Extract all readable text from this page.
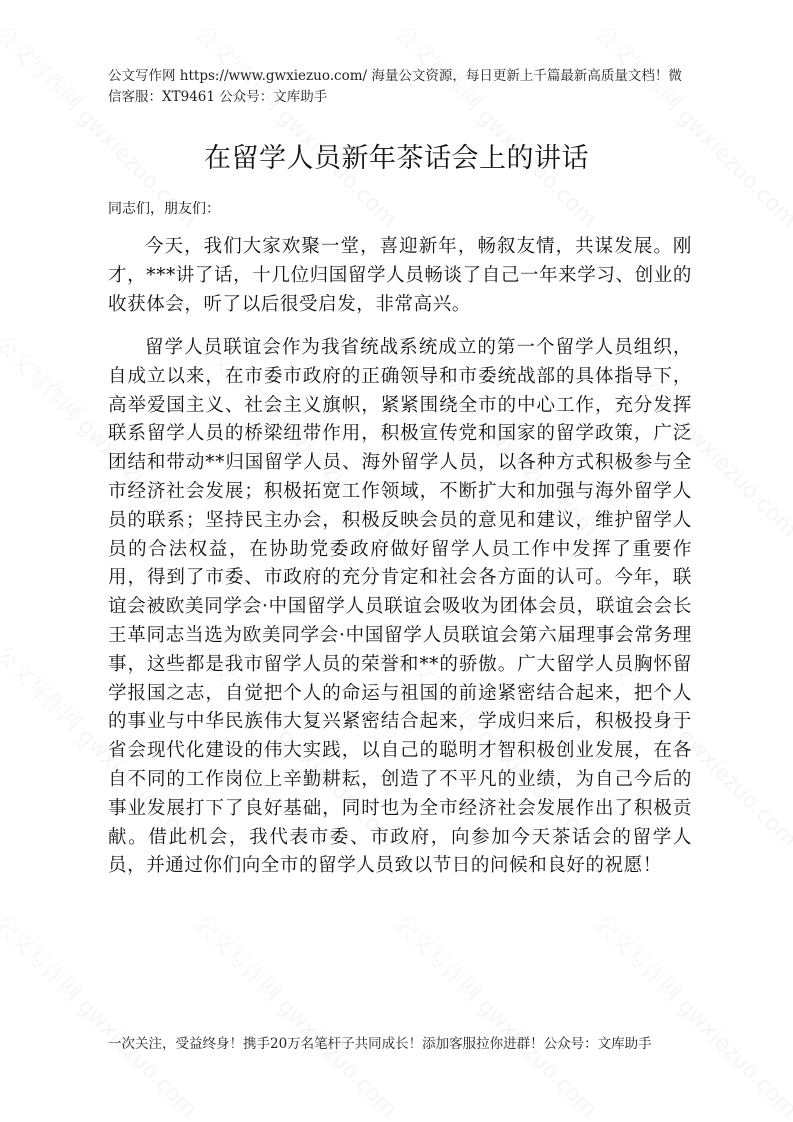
公文写作网 https://www.gwxiezuo.com/ 海量公文资源，每日更新上千篇最新高质量文档！微信客服：XT9461 公众号：文库助手
在留学人员新年茶话会上的讲话
同志们，朋友们：

今天，我们大家欢聚一堂，喜迎新年，畅叙友情，共谋发展。刚才，***讲了话，十几位归国留学人员畅谈了自己一年来学习、创业的收获体会，听了以后很受启发，非常高兴。

留学人员联谊会作为我省统战系统成立的第一个留学人员组织，自成立以来，在市委市政府的正确领导和市委统战部的具体指导下，高举爱国主义、社会主义旗帜，紧紧围绕全市的中心工作，充分发挥联系留学人员的桥梁纽带作用，积极宣传党和国家的留学政策，广泛团结和带动**归国留学人员、海外留学人员，以各种方式积极参与全市经济社会发展；积极拓宽工作领域，不断扩大和加强与海外留学人员的联系；坚持民主办会，积极反映会员的意见和建议，维护留学人员的合法权益，在协助党委政府做好留学人员工作中发挥了重要作用，得到了市委、市政府的充分肯定和社会各方面的认可。今年，联谊会被欧美同学会·中国留学人员联谊会吸收为团体会员，联谊会会长王革同志当选为欧美同学会·中国留学人员联谊会第六届理事会常务理事，这些都是我市留学人员的荣誉和**的骄傲。广大留学人员胸怀留学报国之志，自觉把个人的命运与祖国的前途紧密结合起来，把个人的事业与中华民族伟大复兴紧密结合起来，学成归来后，积极投身于省会现代化建设的伟大实践，以自己的聪明才智积极创业发展，在各自不同的工作岗位上辛勤耕耘，创造了不平凡的业绩，为自己今后的事业发展打下了良好基础，同时也为全市经济社会发展作出了积极贡献。借此机会，我代表市委、市政府，向参加今天茶话会的留学人员，并通过你们向全市的留学人员致以节日的问候和良好的祝愿！

一次关注，受益终身！携手20万名笔杆子共同成长！添加客服拉你进群！公众号：文库助手
